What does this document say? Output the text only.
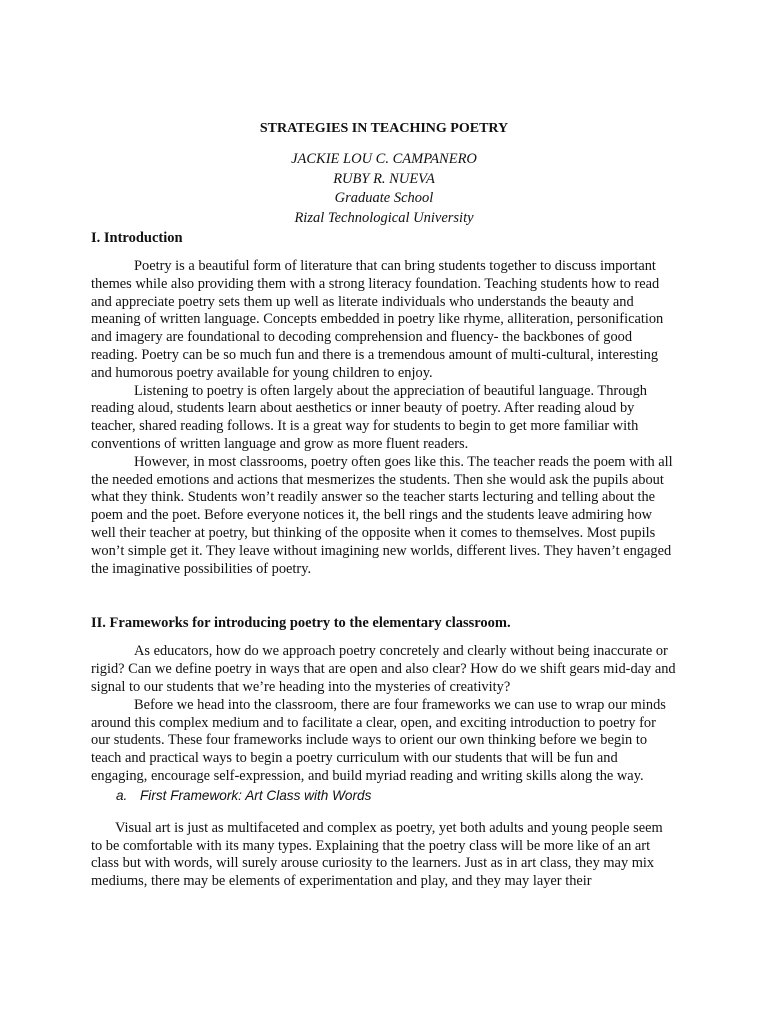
STRATEGIES IN TEACHING POETRY
JACKIE LOU C. CAMPANERO
RUBY R. NUEVA
Graduate School
Rizal Technological University
I. Introduction

Poetry is a beautiful form of literature that can bring students together to discuss important themes while also providing them with a strong literacy foundation. Teaching students how to read and appreciate poetry sets them up well as literate individuals who understands the beauty and meaning of written language. Concepts embedded in poetry like rhyme, alliteration, personification and imagery are foundational to decoding comprehension and fluency- the backbones of good reading. Poetry can be so much fun and there is a tremendous amount of multi-cultural, interesting and humorous poetry available for young children to enjoy.

Listening to poetry is often largely about the appreciation of beautiful language. Through reading aloud, students learn about aesthetics or inner beauty of poetry. After reading aloud by teacher, shared reading follows. It is a great way for students to begin to get more familiar with conventions of written language and grow as more fluent readers.

However, in most classrooms, poetry often goes like this. The teacher reads the poem with all the needed emotions and actions that mesmerizes the students. Then she would ask the pupils about what they think. Students won’t readily answer so the teacher starts lecturing and telling about the poem and the poet. Before everyone notices it, the bell rings and the students leave admiring how well their teacher at poetry, but thinking of the opposite when it comes to themselves. Most pupils won’t simple get it. They leave without imagining new worlds, different lives. They haven’t engaged the imaginative possibilities of poetry.

II. Frameworks for introducing poetry to the elementary classroom.

As educators, how do we approach poetry concretely and clearly without being inaccurate or rigid? Can we define poetry in ways that are open and also clear? How do we shift gears mid-day and signal to our students that we’re heading into the mysteries of creativity?

Before we head into the classroom, there are four frameworks we can use to wrap our minds around this complex medium and to facilitate a clear, open, and exciting introduction to poetry for our students. These four frameworks include ways to orient our own thinking before we begin to teach and practical ways to begin a poetry curriculum with our students that will be fun and engaging, encourage self-expression, and build myriad reading and writing skills along the way.

a. First Framework: Art Class with Words

Visual art is just as multifaceted and complex as poetry, yet both adults and young people seem to be comfortable with its many types. Explaining that the poetry class will be more like of an art class but with words, will surely arouse curiosity to the learners. Just as in art class, they may mix mediums, there may be elements of experimentation and play, and they may layer their
